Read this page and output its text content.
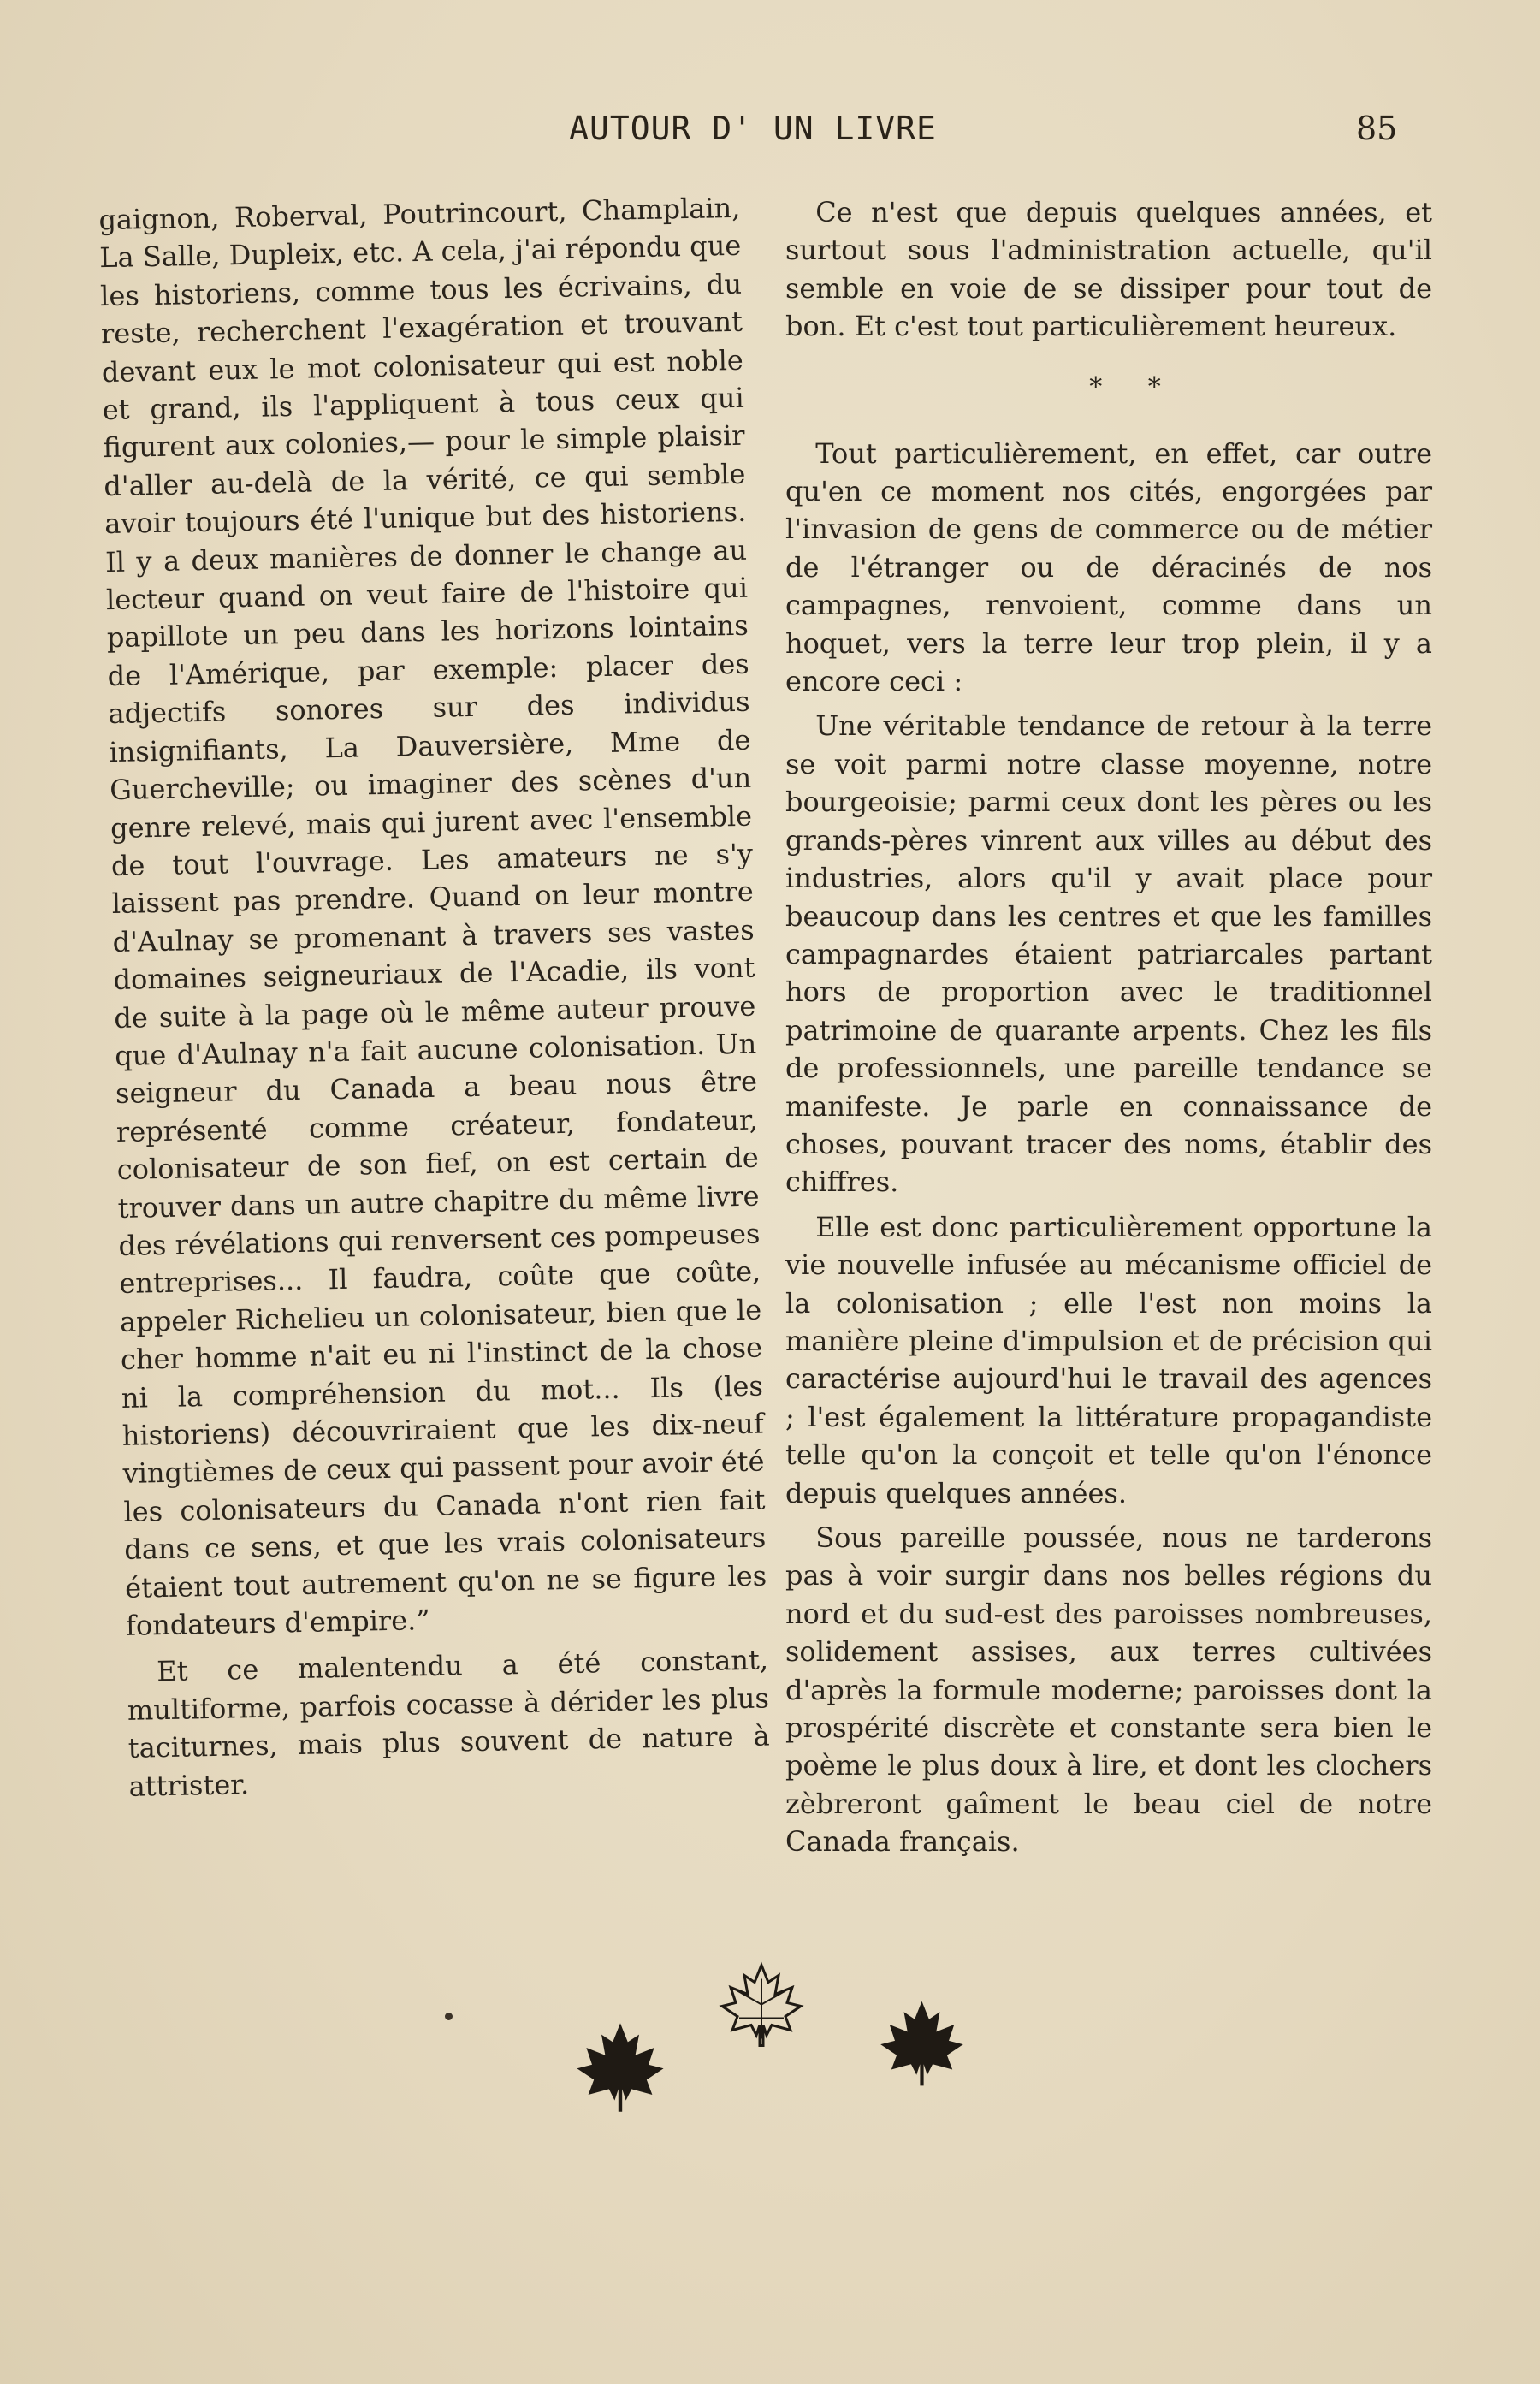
AUTOUR D' UN LIVRE	85

gaignon, Roberval, Poutrincourt, Champlain, La Salle, Dupleix, etc. A cela, j'ai répondu que les historiens, comme tous les écrivains, du reste, recherchent l'exagération et trouvant devant eux le mot colonisateur qui est noble et grand, ils l'appliquent à tous ceux qui figurent aux colonies,— pour le simple plaisir d'aller au-delà de la vérité, ce qui semble avoir toujours été l'unique but des historiens. Il y a deux manières de donner le change au lecteur quand on veut faire de l'histoire qui papillote un peu dans les horizons lointains de l'Amérique, par exemple: placer des adjectifs sonores sur des individus insignifiants, La Dauversière, Mme de Guercheville; ou imaginer des scènes d'un genre relevé, mais qui jurent avec l'ensemble de tout l'ouvrage. Les amateurs ne s'y laissent pas prendre. Quand on leur montre d'Aulnay se promenant à travers ses vastes domaines seigneuriaux de l'Acadie, ils vont de suite à la page où le même auteur prouve que d'Aulnay n'a fait aucune colonisation. Un seigneur du Canada a beau nous être représenté comme créateur, fondateur, colonisateur de son fief, on est certain de trouver dans un autre chapitre du même livre des révélations qui renversent ces pompeuses entreprises... Il faudra, coûte que coûte, appeler Richelieu un colonisateur, bien que le cher homme n'ait eu ni l'instinct de la chose ni la compréhension du mot... Ils (les historiens) découvriraient que les dix-neuf vingtièmes de ceux qui passent pour avoir été les colonisateurs du Canada n'ont rien fait dans ce sens, et que les vrais colonisateurs étaient tout autrement qu'on ne se figure les fondateurs d'empire.”

Et ce malentendu a été constant, multiforme, parfois cocasse à dérider les plus taciturnes, mais plus souvent de nature à attrister.

Ce n'est que depuis quelques années, et surtout sous l'administration actuelle, qu'il semble en voie de se dissiper pour tout de bon. Et c'est tout particulièrement heureux.

* *

Tout particulièrement, en effet, car outre qu'en ce moment nos cités, engorgées par l'invasion de gens de commerce ou de métier de l'étranger ou de déracinés de nos campagnes, renvoient, comme dans un hoquet, vers la terre leur trop plein, il y a encore ceci :

Une véritable tendance de retour à la terre se voit parmi notre classe moyenne, notre bourgeoisie; parmi ceux dont les pères ou les grands-pères vinrent aux villes au début des industries, alors qu'il y avait place pour beaucoup dans les centres et que les familles campagnardes étaient patriarcales partant hors de proportion avec le traditionnel patrimoine de quarante arpents. Chez les fils de professionnels, une pareille tendance se manifeste. Je parle en connaissance de choses, pouvant tracer des noms, établir des chiffres.

Elle est donc particulièrement opportune la vie nouvelle infusée au mécanisme officiel de la colonisation ; elle l'est non moins la manière pleine d'impulsion et de précision qui caractérise aujourd'hui le travail des agences ; l'est également la littérature propagandiste telle qu'on la conçoit et telle qu'on l'énonce depuis quelques années.

Sous pareille poussée, nous ne tarderons pas à voir surgir dans nos belles régions du nord et du sud-est des paroisses nombreuses, solidement assises, aux terres cultivées d'après la formule moderne; paroisses dont la prospérité discrète et constante sera bien le poème le plus doux à lire, et dont les clochers zèbreront gaîment le beau ciel de notre Canada français.
